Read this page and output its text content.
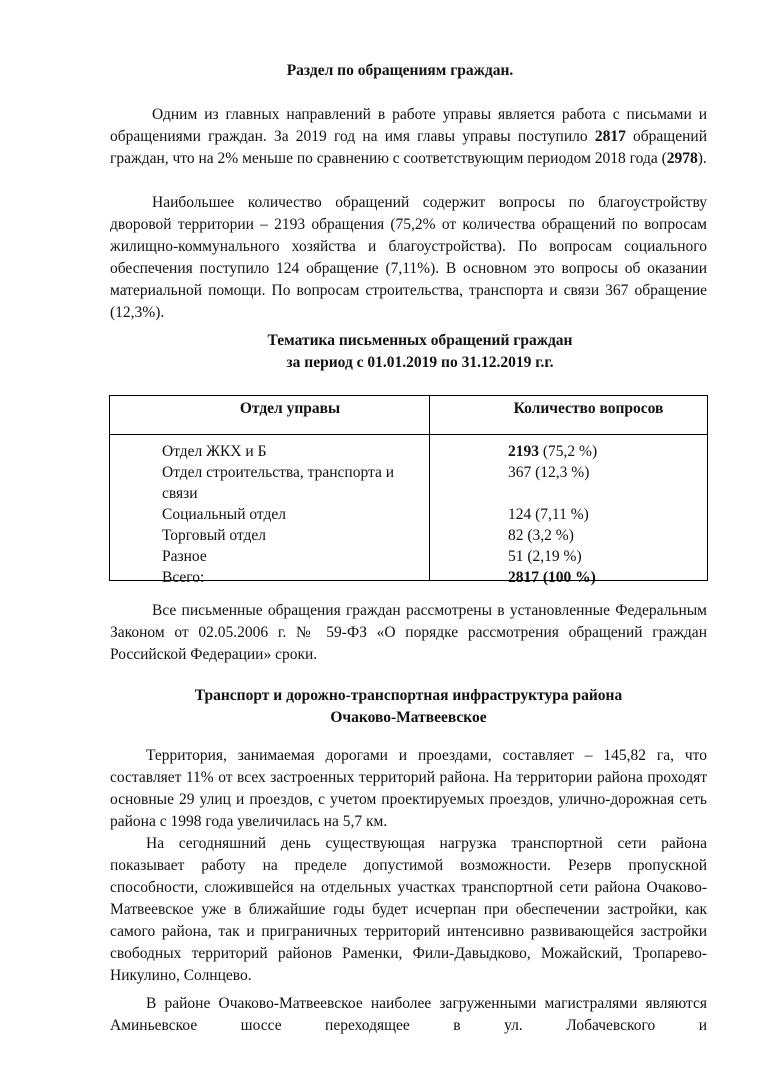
Раздел по обращениям граждан.
Одним из главных направлений в работе управы является работа с письмами и обращениями граждан. За 2019 год на имя главы управы поступило 2817 обращений граждан, что на 2% меньше по сравнению с соответствующим периодом 2018 года (2978).
Наибольшее количество обращений содержит вопросы по благоустройству дворовой территории – 2193 обращения (75,2% от количества обращений по вопросам жилищно-коммунального хозяйства и благоустройства). По вопросам социального обеспечения поступило 124 обращение (7,11%). В основном это вопросы об оказании материальной помощи. По вопросам строительства, транспорта и связи 367 обращение (12,3%).
Тематика письменных обращений граждан
за период с 01.01.2019 по 31.12.2019 г.г.
Отдел управы	Количество вопросов
Отдел ЖКХ и Б	2193 (75,2 %)
Отдел строительства, транспорта и связи	367 (12,3 %)
Социальный отдел	124 (7,11 %)
Торговый отдел	82 (3,2 %)
Разное	51 (2,19 %)
Всего:	2817 (100 %)
Все письменные обращения граждан рассмотрены в установленные Федеральным Законом от 02.05.2006 г. № 59-ФЗ «О порядке рассмотрения обращений граждан Российской Федерации» сроки.
Транспорт и дорожно-транспортная инфраструктура района
Очаково-Матвеевское
Территория, занимаемая дорогами и проездами, составляет – 145,82 га, что составляет 11% от всех застроенных территорий района. На территории района проходят основные 29 улиц и проездов, с учетом проектируемых проездов, улично-дорожная сеть района с 1998 года увеличилась на 5,7 км.
На сегодняшний день существующая нагрузка транспортной сети района показывает работу на пределе допустимой возможности. Резерв пропускной способности, сложившейся на отдельных участках транспортной сети района Очаково-Матвеевское уже в ближайшие годы будет исчерпан при обеспечении застройки, как самого района, так и приграничных территорий интенсивно развивающейся застройки свободных территорий районов Раменки, Фили-Давыдково, Можайский, Тропарево-Никулино, Солнцево.
В районе Очаково-Матвеевское наиболее загруженными магистралями являются Аминьевское шоссе переходящее в ул. Лобачевского и
